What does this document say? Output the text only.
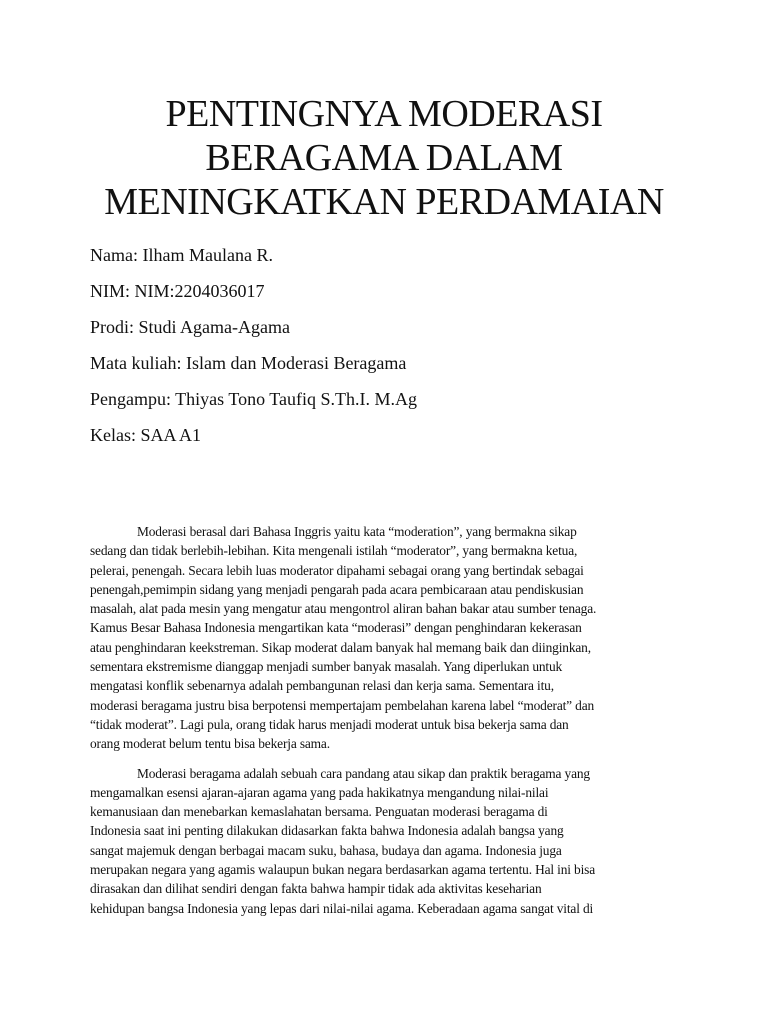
PENTINGNYA MODERASI
BERAGAMA DALAM
MENINGKATKAN PERDAMAIAN
Nama: Ilham Maulana R.
NIM: NIM:2204036017
Prodi: Studi Agama-Agama
Mata kuliah: Islam dan Moderasi Beragama
Pengampu: Thiyas Tono Taufiq S.Th.I. M.Ag
Kelas: SAA A1

Moderasi berasal dari Bahasa Inggris yaitu kata “moderation”, yang bermakna sikap
sedang dan tidak berlebih-lebihan. Kita mengenali istilah “moderator”, yang bermakna ketua,
pelerai, penengah. Secara lebih luas moderator dipahami sebagai orang yang bertindak sebagai
penengah,pemimpin sidang yang menjadi pengarah pada acara pembicaraan atau pendiskusian
masalah, alat pada mesin yang mengatur atau mengontrol aliran bahan bakar atau sumber tenaga.
Kamus Besar Bahasa Indonesia mengartikan kata “moderasi” dengan penghindaran kekerasan
atau penghindaran keekstreman. Sikap moderat dalam banyak hal memang baik dan diinginkan,
sementara ekstremisme dianggap menjadi sumber banyak masalah. Yang diperlukan untuk
mengatasi konflik sebenarnya adalah pembangunan relasi dan kerja sama. Sementara itu,
moderasi beragama justru bisa berpotensi mempertajam pembelahan karena label “moderat” dan
“tidak moderat”. Lagi pula, orang tidak harus menjadi moderat untuk bisa bekerja sama dan
orang moderat belum tentu bisa bekerja sama.

Moderasi beragama adalah sebuah cara pandang atau sikap dan praktik beragama yang
mengamalkan esensi ajaran-ajaran agama yang pada hakikatnya mengandung nilai-nilai
kemanusiaan dan menebarkan kemaslahatan bersama. Penguatan moderasi beragama di
Indonesia saat ini penting dilakukan didasarkan fakta bahwa Indonesia adalah bangsa yang
sangat majemuk dengan berbagai macam suku, bahasa, budaya dan agama. Indonesia juga
merupakan negara yang agamis walaupun bukan negara berdasarkan agama tertentu. Hal ini bisa
dirasakan dan dilihat sendiri dengan fakta bahwa hampir tidak ada aktivitas keseharian
kehidupan bangsa Indonesia yang lepas dari nilai-nilai agama. Keberadaan agama sangat vital di
